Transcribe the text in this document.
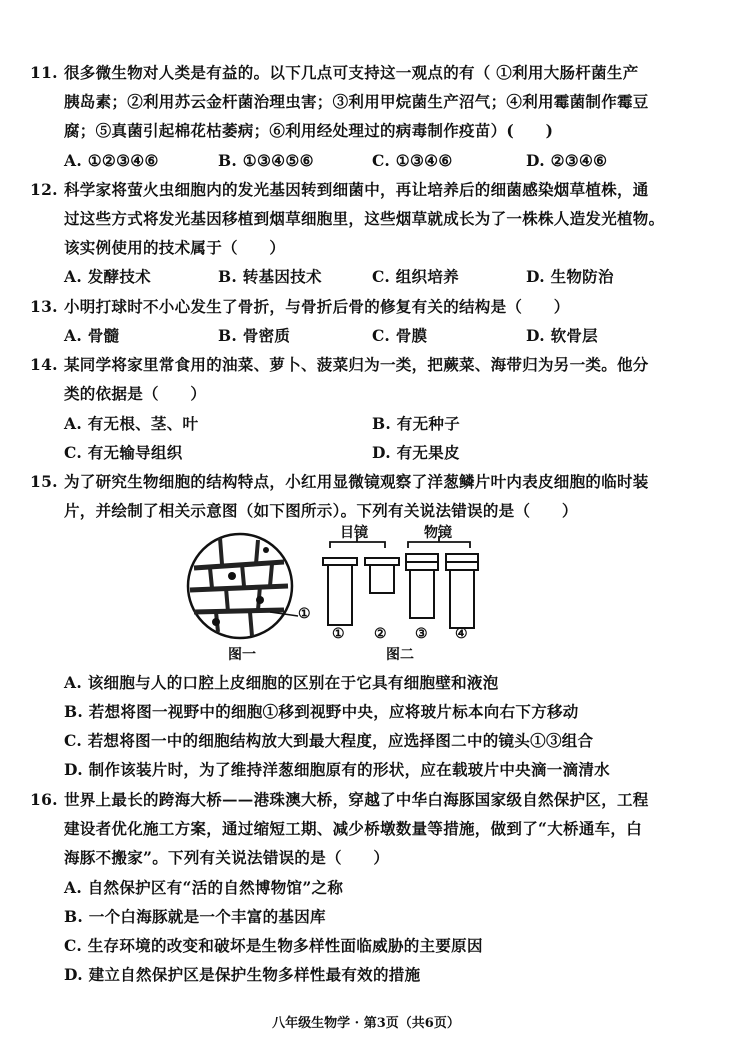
11. 很多微生物对人类是有益的。以下几点可支持这一观点的有（ ①利用大肠杆菌生产
胰岛素；②利用苏云金杆菌治理虫害；③利用甲烷菌生产沼气；④利用霉菌制作霉豆
腐；⑤真菌引起棉花枯萎病；⑥利用经处理过的病毒制作疫苗）(　　)
A. ①②③④⑥	B. ①③④⑤⑥	C. ①③④⑥	D. ②③④⑥
12. 科学家将萤火虫细胞内的发光基因转到细菌中，再让培养后的细菌感染烟草植株，通
过这些方式将发光基因移植到烟草细胞里，这些烟草就成长为了一株株人造发光植物。
该实例使用的技术属于（　　）
A. 发酵技术	B. 转基因技术	C. 组织培养	D. 生物防治
13. 小明打球时不小心发生了骨折，与骨折后骨的修复有关的结构是（　　）
A. 骨髓	B. 骨密质	C. 骨膜	D. 软骨层
14. 某同学将家里常食用的油菜、萝卜、菠菜归为一类，把蕨菜、海带归为另一类。他分
类的依据是（　　）
A. 有无根、茎、叶	B. 有无种子
C. 有无输导组织	D. 有无果皮
15. 为了研究生物细胞的结构特点，小红用显微镜观察了洋葱鳞片叶内表皮细胞的临时装
片，并绘制了相关示意图（如下图所示）。下列有关说法错误的是（　　）
①
目镜	物镜
① ② ③ ④
图一	图二
A. 该细胞与人的口腔上皮细胞的区别在于它具有细胞壁和液泡
B. 若想将图一视野中的细胞①移到视野中央，应将玻片标本向右下方移动
C. 若想将图一中的细胞结构放大到最大程度，应选择图二中的镜头①③组合
D. 制作该装片时，为了维持洋葱细胞原有的形状，应在载玻片中央滴一滴清水
16. 世界上最长的跨海大桥——港珠澳大桥，穿越了中华白海豚国家级自然保护区，工程
建设者优化施工方案，通过缩短工期、减少桥墩数量等措施，做到了“大桥通车，白
海豚不搬家”。下列有关说法错误的是（　　）
A. 自然保护区有“活的自然博物馆”之称
B. 一个白海豚就是一个丰富的基因库
C. 生存环境的改变和破坏是生物多样性面临威胁的主要原因
D. 建立自然保护区是保护生物多样性最有效的措施
八年级生物学 · 第3页（共6页）
